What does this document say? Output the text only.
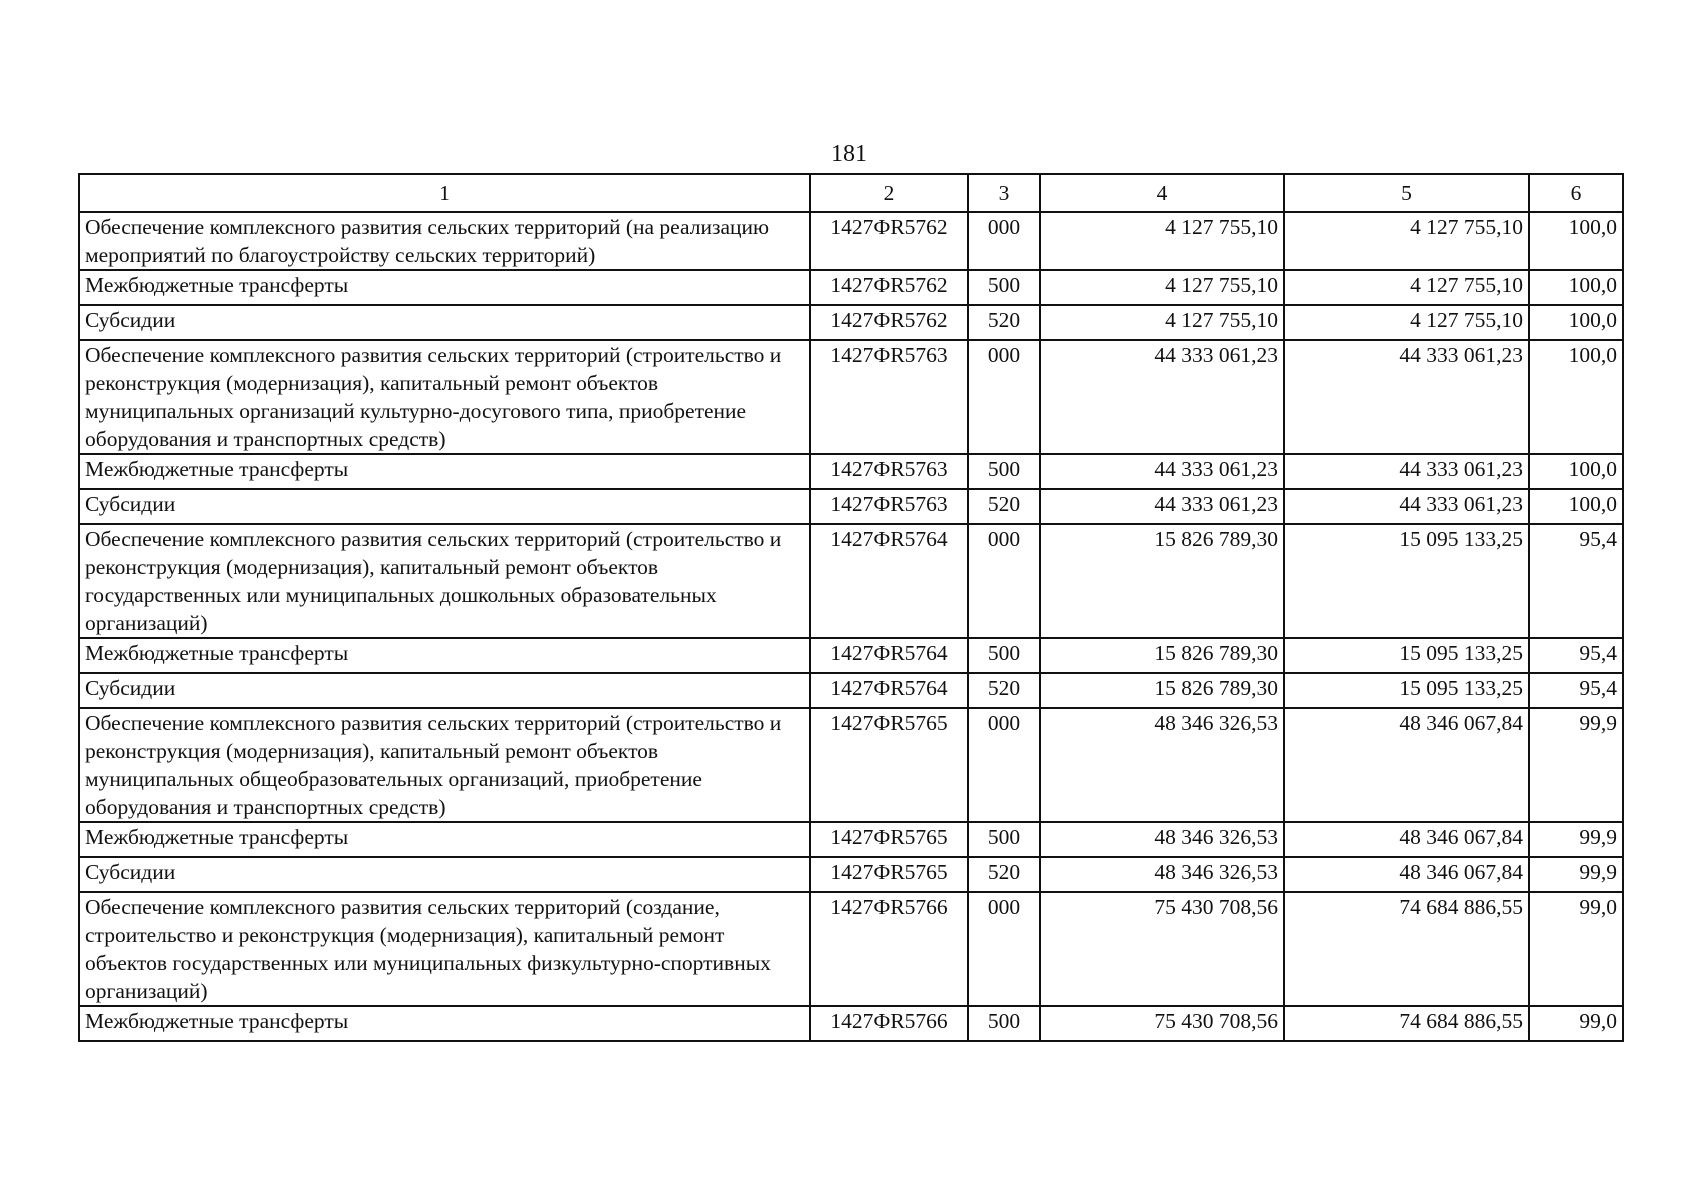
181
1	2	3	4	5	6
Обеспечение комплексного развития сельских территорий (на реализацию мероприятий по благоустройству сельских территорий)	1427ФR5762	000	4 127 755,10	4 127 755,10	100,0
Межбюджетные трансферты	1427ФR5762	500	4 127 755,10	4 127 755,10	100,0
Субсидии	1427ФR5762	520	4 127 755,10	4 127 755,10	100,0
Обеспечение комплексного развития сельских территорий (строительство и реконструкция (модернизация), капитальный ремонт объектов муниципальных организаций культурно-досугового типа, приобретение оборудования и транспортных средств)	1427ФR5763	000	44 333 061,23	44 333 061,23	100,0
Межбюджетные трансферты	1427ФR5763	500	44 333 061,23	44 333 061,23	100,0
Субсидии	1427ФR5763	520	44 333 061,23	44 333 061,23	100,0
Обеспечение комплексного развития сельских территорий (строительство и реконструкция (модернизация), капитальный ремонт объектов государственных или муниципальных дошкольных образовательных организаций)	1427ФR5764	000	15 826 789,30	15 095 133,25	95,4
Межбюджетные трансферты	1427ФR5764	500	15 826 789,30	15 095 133,25	95,4
Субсидии	1427ФR5764	520	15 826 789,30	15 095 133,25	95,4
Обеспечение комплексного развития сельских территорий (строительство и реконструкция (модернизация), капитальный ремонт объектов муниципальных общеобразовательных организаций, приобретение оборудования и транспортных средств)	1427ФR5765	000	48 346 326,53	48 346 067,84	99,9
Межбюджетные трансферты	1427ФR5765	500	48 346 326,53	48 346 067,84	99,9
Субсидии	1427ФR5765	520	48 346 326,53	48 346 067,84	99,9
Обеспечение комплексного развития сельских территорий (создание, строительство и реконструкция (модернизация), капитальный ремонт объектов государственных или муниципальных физкультурно-спортивных организаций)	1427ФR5766	000	75 430 708,56	74 684 886,55	99,0
Межбюджетные трансферты	1427ФR5766	500	75 430 708,56	74 684 886,55	99,0
